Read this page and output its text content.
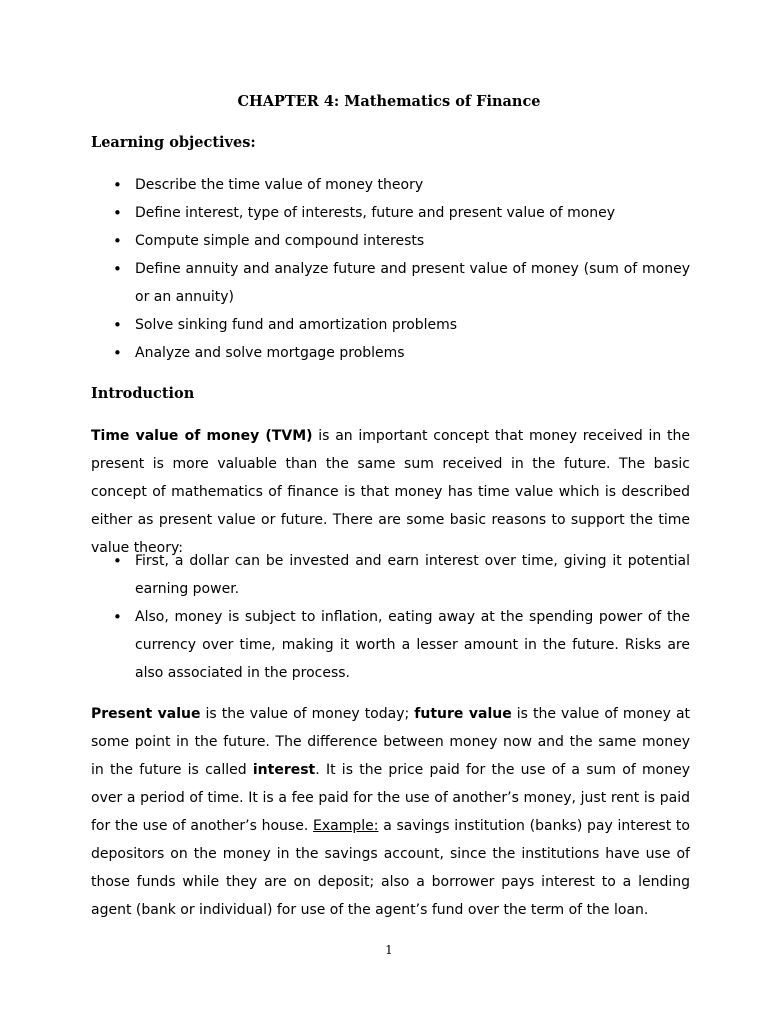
CHAPTER 4: Mathematics of Finance
Learning objectives:
• Describe the time value of money theory
• Define interest, type of interests, future and present value of money
• Compute simple and compound interests
• Define annuity and analyze future and present value of money (sum of money or an annuity)
• Solve sinking fund and amortization problems
• Analyze and solve mortgage problems
Introduction

Time value of money (TVM) is an important concept that money received in the present is more valuable than the same sum received in the future. The basic concept of mathematics of finance is that money has time value which is described either as present value or future. There are some basic reasons to support the time value theory:

• First, a dollar can be invested and earn interest over time, giving it potential earning power.
• Also, money is subject to inflation, eating away at the spending power of the currency over time, making it worth a lesser amount in the future. Risks are also associated in the process.

Present value is the value of money today; future value is the value of money at some point in the future. The difference between money now and the same money in the future is called interest. It is the price paid for the use of a sum of money over a period of time. It is a fee paid for the use of another’s money, just rent is paid for the use of another’s house. Example: a savings institution (banks) pay interest to depositors on the money in the savings account, since the institutions have use of those funds while they are on deposit; also a borrower pays interest to a lending agent (bank or individual) for use of the agent’s fund over the term of the loan.

1
